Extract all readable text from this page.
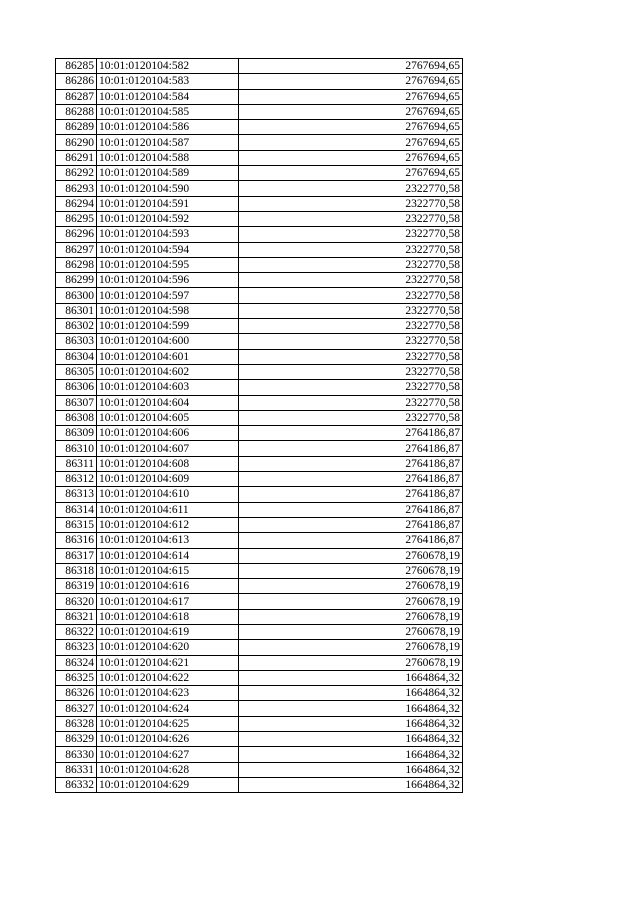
86285	10:01:0120104:582	2767694,65
86286	10:01:0120104:583	2767694,65
86287	10:01:0120104:584	2767694,65
86288	10:01:0120104:585	2767694,65
86289	10:01:0120104:586	2767694,65
86290	10:01:0120104:587	2767694,65
86291	10:01:0120104:588	2767694,65
86292	10:01:0120104:589	2767694,65
86293	10:01:0120104:590	2322770,58
86294	10:01:0120104:591	2322770,58
86295	10:01:0120104:592	2322770,58
86296	10:01:0120104:593	2322770,58
86297	10:01:0120104:594	2322770,58
86298	10:01:0120104:595	2322770,58
86299	10:01:0120104:596	2322770,58
86300	10:01:0120104:597	2322770,58
86301	10:01:0120104:598	2322770,58
86302	10:01:0120104:599	2322770,58
86303	10:01:0120104:600	2322770,58
86304	10:01:0120104:601	2322770,58
86305	10:01:0120104:602	2322770,58
86306	10:01:0120104:603	2322770,58
86307	10:01:0120104:604	2322770,58
86308	10:01:0120104:605	2322770,58
86309	10:01:0120104:606	2764186,87
86310	10:01:0120104:607	2764186,87
86311	10:01:0120104:608	2764186,87
86312	10:01:0120104:609	2764186,87
86313	10:01:0120104:610	2764186,87
86314	10:01:0120104:611	2764186,87
86315	10:01:0120104:612	2764186,87
86316	10:01:0120104:613	2764186,87
86317	10:01:0120104:614	2760678,19
86318	10:01:0120104:615	2760678,19
86319	10:01:0120104:616	2760678,19
86320	10:01:0120104:617	2760678,19
86321	10:01:0120104:618	2760678,19
86322	10:01:0120104:619	2760678,19
86323	10:01:0120104:620	2760678,19
86324	10:01:0120104:621	2760678,19
86325	10:01:0120104:622	1664864,32
86326	10:01:0120104:623	1664864,32
86327	10:01:0120104:624	1664864,32
86328	10:01:0120104:625	1664864,32
86329	10:01:0120104:626	1664864,32
86330	10:01:0120104:627	1664864,32
86331	10:01:0120104:628	1664864,32
86332	10:01:0120104:629	1664864,32
